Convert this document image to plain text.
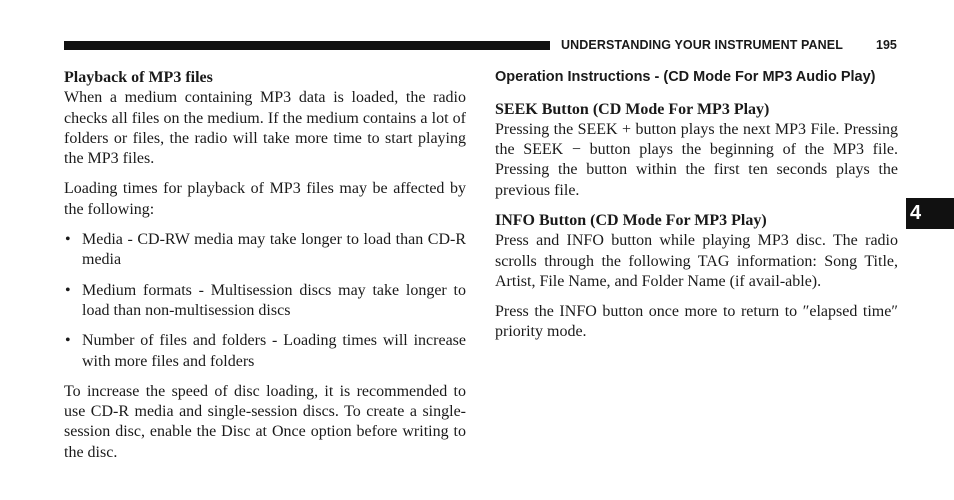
UNDERSTANDING YOUR INSTRUMENT PANEL	195
4

Playback of MP3 files

When a medium containing MP3 data is loaded, the radio checks all files on the medium. If the medium contains a lot of folders or files, the radio will take more time to start playing the MP3 files.

Loading times for playback of MP3 files may be affected by the following:

• Media - CD-RW media may take longer to load than CD-R media
• Medium formats - Multisession discs may take longer to load than non-multisession discs
• Number of files and folders - Loading times will increase with more files and folders

To increase the speed of disc loading, it is recommended to use CD-R media and single-session discs. To create a single-session disc, enable the Disc at Once option before writing to the disc.

Operation Instructions - (CD Mode For MP3 Audio Play)

SEEK Button (CD Mode For MP3 Play)

Pressing the SEEK + button plays the next MP3 File. Pressing the SEEK − button plays the beginning of the MP3 file. Pressing the button within the first ten seconds plays the previous file.

INFO Button (CD Mode For MP3 Play)

Press and INFO button while playing MP3 disc. The radio scrolls through the following TAG information: Song Title, Artist, File Name, and Folder Name (if avail-able).

Press the INFO button once more to return to ″elapsed time″ priority mode.
